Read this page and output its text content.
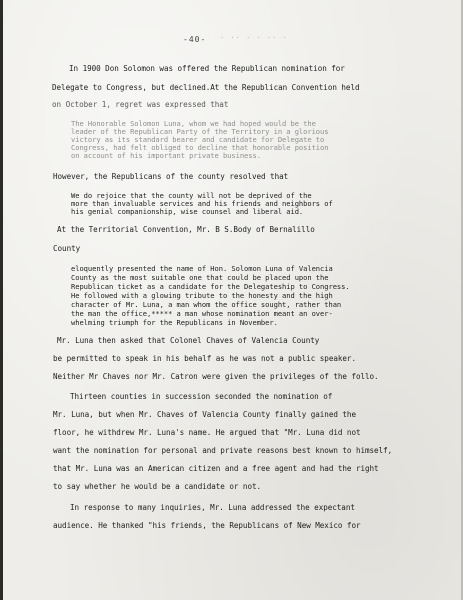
-40- · ·· · · ·· ·
In 1900 Don Solomon was offered the Republican nomination for
Delegate to Congress, but declined.At the Republican Convention held
on October 1, regret was expressed that
The Honorable Solomon Luna, whom we had hoped would be the
leader of the Republican Party of the Territory in a glorious
victory as its standard bearer and candidate for Delegate to
Congress, had felt obliged to decline that honorable position
on account of his important private business.
However, the Republicans of the county resolved that
We do rejoice that the county will not be deprived of the
more than invaluable services and his friends and neighbors of
his genial companionship, wise counsel and liberal aid.
At the Territorial Convention, Mr. B S.Body of Bernalillo
County
eloquently presented the name of Hon. Solomon Luna of Valencia
County as the most suitable one that could be placed upon the
Republican ticket as a candidate for the Delegateship to Congress.
He followed with a glowing tribute to the honesty and the high
character of Mr. Luna, a man whom the office sought, rather than
the man the office,***** a man whose nomination meant an over-
whelming triumph for the Republicans in November.
Mr. Luna then asked that Colonel Chaves of Valencia County
be permitted to speak in his behalf as he was not a public speaker.
Neither Mr Chaves nor Mr. Catron were given the privileges of the follo.
Thirteen counties in succession seconded the nomination of
Mr. Luna, but when Mr. Chaves of Valencia County finally gained the
floor, he withdrew Mr. Luna's name. He argued that "Mr. Luna did not
want the nomination for personal and private reasons best known to himself,
that Mr. Luna was an American citizen and a free agent and had the right
to say whether he would be a candidate or not.
In response to many inquiries, Mr. Luna addressed the expectant
audience. He thanked "his friends, the Republicans of New Mexico for
